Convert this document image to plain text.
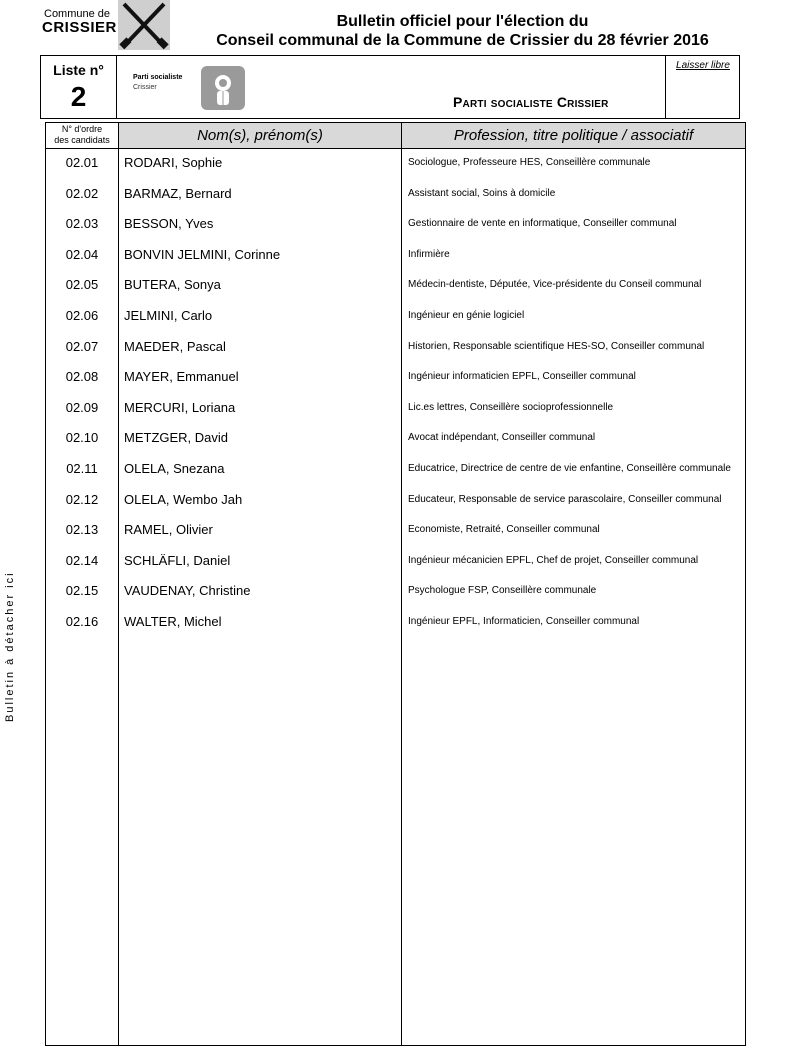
Commune de
CRISSIER	Bulletin officiel pour l'élection du
Conseil communal de la Commune de Crissier du 28 février 2016
Liste n°
2
Parti socialiste
Crissier
Parti socialiste Crissier
Laisser libre
N° d'ordre
des candidats	Nom(s), prénom(s)	Profession, titre politique / associatif
02.01	RODARI, Sophie	Sociologue, Professeure HES, Conseillère communale
02.02	BARMAZ, Bernard	Assistant social, Soins à domicile
02.03	BESSON, Yves	Gestionnaire de vente en informatique, Conseiller communal
02.04	BONVIN JELMINI, Corinne	Infirmière
02.05	BUTERA, Sonya	Médecin-dentiste, Députée, Vice-présidente du Conseil communal
02.06	JELMINI, Carlo	Ingénieur en génie logiciel
02.07	MAEDER, Pascal	Historien, Responsable scientifique HES-SO, Conseiller communal
02.08	MAYER, Emmanuel	Ingénieur informaticien EPFL, Conseiller communal
02.09	MERCURI, Loriana	Lic.es lettres, Conseillère socioprofessionnelle
02.10	METZGER, David	Avocat indépendant, Conseiller communal
02.11	OLELA, Snezana	Educatrice, Directrice de centre de vie enfantine, Conseillère communale
02.12	OLELA, Wembo Jah	Educateur, Responsable de service parascolaire, Conseiller communal
02.13	RAMEL, Olivier	Economiste, Retraité, Conseiller communal
02.14	SCHLÄFLI, Daniel	Ingénieur mécanicien EPFL, Chef de projet, Conseiller communal
02.15	VAUDENAY, Christine	Psychologue FSP, Conseillère communale
02.16	WALTER, Michel	Ingénieur EPFL, Informaticien, Conseiller communal
Bulletin à détacher ici
